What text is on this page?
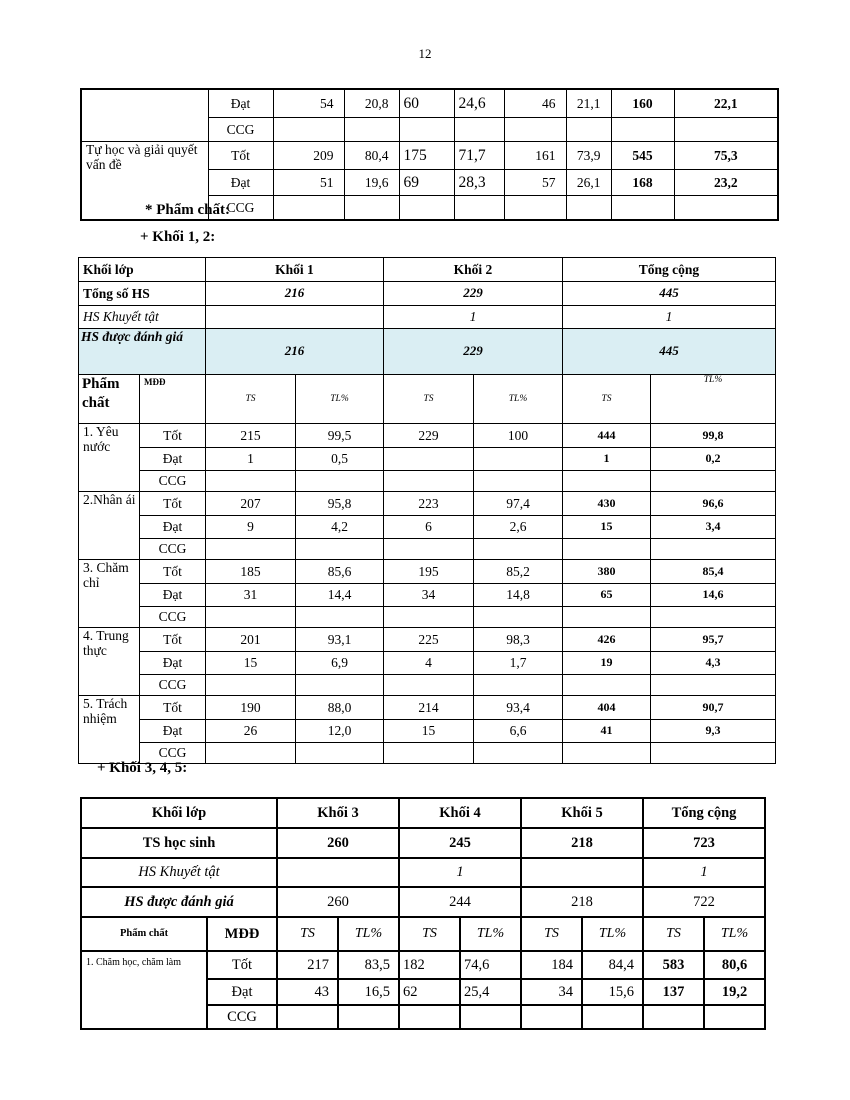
12
	Đạt	54	20,8	60	24,6	46	21,1	160	22,1
	CCG								
Tự học và giải quyết vấn đề	Tốt	209	80,4	175	71,7	161	73,9	545	75,3
	Đạt	51	19,6	69	28,3	57	26,1	168	23,2
	CCG								
* Phẩm chất:
+ Khối 1, 2:
Khối lớp		Khối 1		Khối 2		Tổng cộng	
Tổng số HS		216		229		445	
HS Khuyết tật				1		1	
HS được đánh giá		216		229		445	
Phẩm chất	MĐĐ	TS	TL%	TS	TL%	TS	TL%
1. Yêu nước	Tốt	215	99,5	229	100	444	99,8
	Đạt	1	0,5			1	0,2
	CCG						
2.Nhân ái	Tốt	207	95,8	223	97,4	430	96,6
	Đạt	9	4,2	6	2,6	15	3,4
	CCG						
3. Chăm chỉ	Tốt	185	85,6	195	85,2	380	85,4
	Đạt	31	14,4	34	14,8	65	14,6
	CCG						
4. Trung thực	Tốt	201	93,1	225	98,3	426	95,7
	Đạt	15	6,9	4	1,7	19	4,3
	CCG						
5. Trách nhiệm	Tốt	190	88,0	214	93,4	404	90,7
	Đạt	26	12,0	15	6,6	41	9,3
	CCG						
+ Khối 3, 4, 5:
Khối lớp		Khối 3		Khối 4		Khối 5		Tổng cộng	
TS học sinh		260		245		218		723	
HS Khuyết tật				1				1	
HS được đánh giá		260		244		218		722	
Phẩm chất	MĐĐ	TS	TL%	TS	TL%	TS	TL%	TS	TL%
1. Chăm học, chăm làm	Tốt	217	83,5	182	74,6	184	84,4	583	80,6
	Đạt	43	16,5	62	25,4	34	15,6	137	19,2
	CCG								
